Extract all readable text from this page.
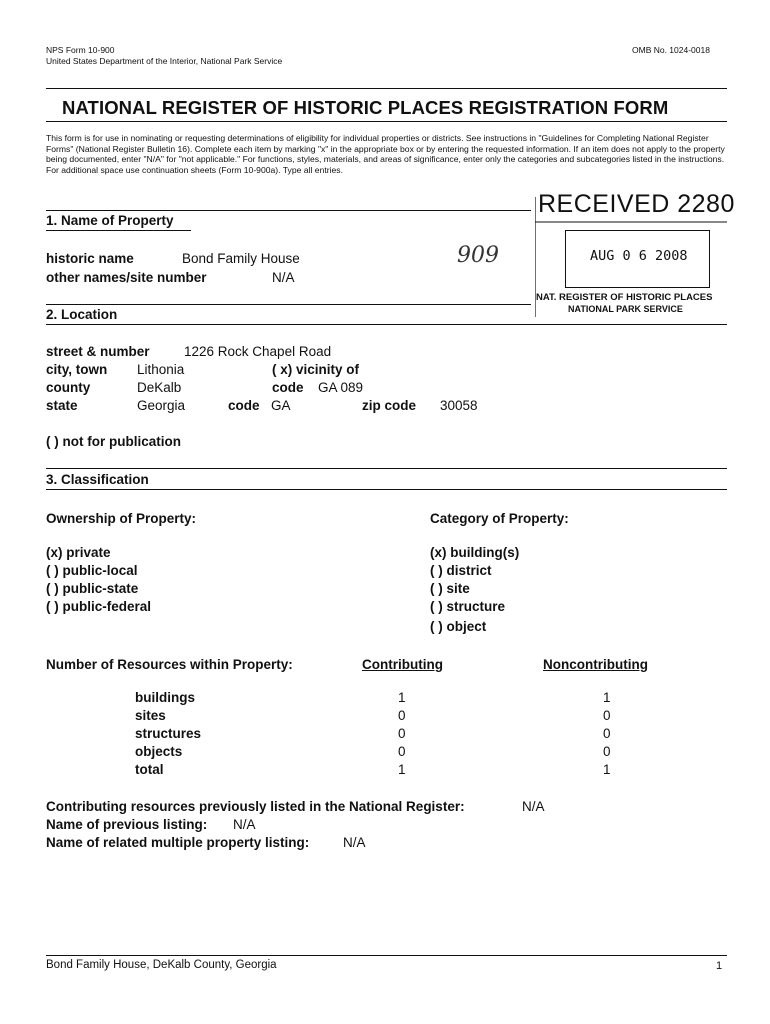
NPS Form 10-900
United States Department of the Interior, National Park Service
OMB No. 1024-0018
NATIONAL REGISTER OF HISTORIC PLACES REGISTRATION FORM
This form is for use in nominating or requesting determinations of eligibility for individual properties or districts. See instructions in "Guidelines for Completing National Register Forms" (National Register Bulletin 16). Complete each item by marking "x" in the appropriate box or by entering the requested information. If an item does not apply to the property being documented, enter "N/A" for "not applicable." For functions, styles, materials, and areas of significance, enter only the categories and subcategories listed in the instructions. For additional space use continuation sheets (Form 10-900a). Type all entries.
RECEIVED 2280
AUG 0 6 2008
NAT. REGISTER OF HISTORIC PLACES
NATIONAL PARK SERVICE
909
1. Name of Property
historic name	Bond Family House
other names/site number	N/A
2. Location
street & number	1226 Rock Chapel Road
city, town Lithonia	( x) vicinity of
county	DeKalb	code GA 089
state	Georgia	code GA	zip code 30058
( ) not for publication
3. Classification
Ownership of Property:	Category of Property:
(x) private
( ) public-local
( ) public-state
( ) public-federal
(x) building(s)
( ) district
( ) site
( ) structure
( ) object
Number of Resources within Property:	Contributing	Noncontributing
buildings	1	1
sites	0	0
structures	0	0
objects	0	0
total	1	1
Contributing resources previously listed in the National Register:	N/A
Name of previous listing: N/A
Name of related multiple property listing: N/A
Bond Family House, DeKalb County, Georgia	1
